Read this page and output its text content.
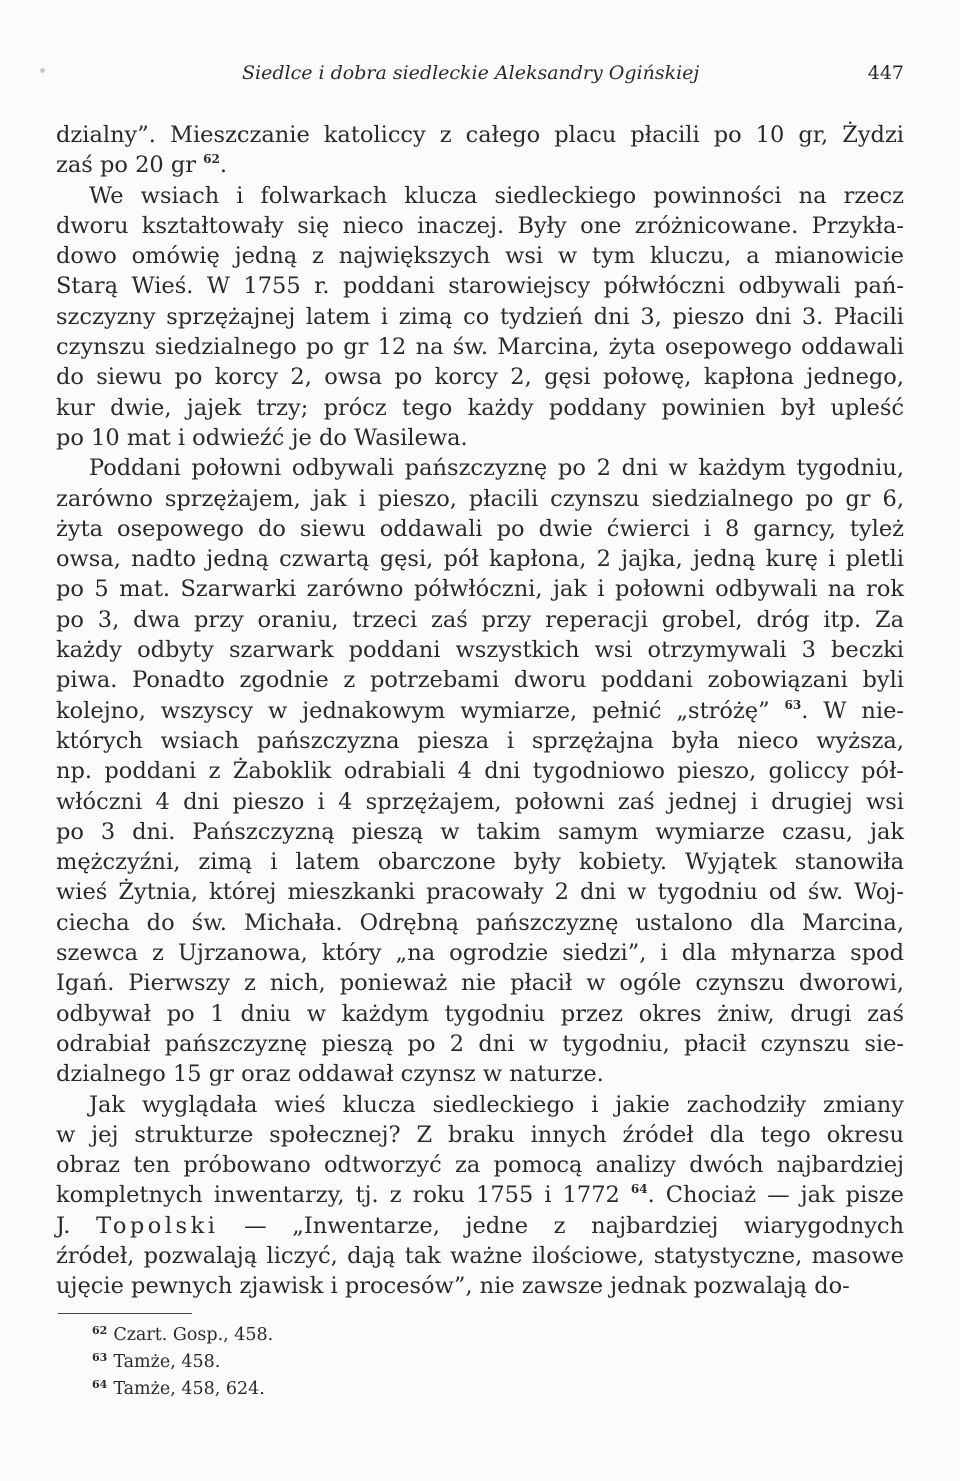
Siedlce i dobra siedleckie Aleksandry Ogińskiej	447
dzialny”. Mieszczanie katoliccy z całego placu płacili po 10 gr, Żydzi
zaś po 20 gr $^{62}$.
We wsiach i folwarkach klucza siedleckiego powinności na rzecz
dworu kształtowały się nieco inaczej. Były one zróżnicowane. Przykła-
dowo omówię jedną z największych wsi w tym kluczu, a mianowicie
Starą Wieś. W 1755 r. poddani starowiejscy półwłóczni odbywali pań-
szczyzny sprzężajnej latem i zimą co tydzień dni 3, pieszo dni 3. Płacili
czynszu siedzialnego po gr 12 na św. Marcina, żyta osepowego oddawali
do siewu po korcy 2, owsa po korcy 2, gęsi połowę, kapłona jednego,
kur dwie, jajek trzy; prócz tego każdy poddany powinien był upleść
po 10 mat i odwieźć je do Wasilewa.
Poddani połowni odbywali pańszczyznę po 2 dni w każdym tygodniu,
zarówno sprzężajem, jak i pieszo, płacili czynszu siedzialnego po gr 6,
żyta osepowego do siewu oddawali po dwie ćwierci i 8 garncy, tyleż
owsa, nadto jedną czwartą gęsi, pół kapłona, 2 jajka, jedną kurę i pletli
po 5 mat. Szarwarki zarówno półwłóczni, jak i połowni odbywali na rok
po 3, dwa przy oraniu, trzeci zaś przy reperacji grobel, dróg itp. Za
każdy odbyty szarwark poddani wszystkich wsi otrzymywali 3 beczki
piwa. Ponadto zgodnie z potrzebami dworu poddani zobowiązani byli
kolejno, wszyscy w jednakowym wymiarze, pełnić „stróżę” $^{63}$. W nie-
których wsiach pańszczyzna piesza i sprzężajna była nieco wyższa,
np. poddani z Żaboklik odrabiali 4 dni tygodniowo pieszo, goliccy pół-
włóczni 4 dni pieszo i 4 sprzężajem, połowni zaś jednej i drugiej wsi
po 3 dni. Pańszczyzną pieszą w takim samym wymiarze czasu, jak
mężczyźni, zimą i latem obarczone były kobiety. Wyjątek stanowiła
wieś Żytnia, której mieszkanki pracowały 2 dni w tygodniu od św. Woj-
ciecha do św. Michała. Odrębną pańszczyznę ustalono dla Marcina,
szewca z Ujrzanowa, który „na ogrodzie siedzi”, i dla młynarza spod
Igań. Pierwszy z nich, ponieważ nie płacił w ogóle czynszu dworowi,
odbywał po 1 dniu w każdym tygodniu przez okres żniw, drugi zaś
odrabiał pańszczyznę pieszą po 2 dni w tygodniu, płacił czynszu sie-
dzialnego 15 gr oraz oddawał czynsz w naturze.
Jak wyglądała wieś klucza siedleckiego i jakie zachodziły zmiany
w jej strukturze społecznej? Z braku innych źródeł dla tego okresu
obraz ten próbowano odtworzyć za pomocą analizy dwóch najbardziej
kompletnych inwentarzy, tj. z roku 1755 i 1772 $^{64}$. Chociaż — jak pisze
J. Topolski — „Inwentarze, jedne z najbardziej wiarygodnych
źródeł, pozwalają liczyć, dają tak ważne ilościowe, statystyczne, masowe
ujęcie pewnych zjawisk i procesów”, nie zawsze jednak pozwalają do-
$^{62}$ Czart. Gosp., 458.
$^{63}$ Tamże, 458.
$^{64}$ Tamże, 458, 624.
